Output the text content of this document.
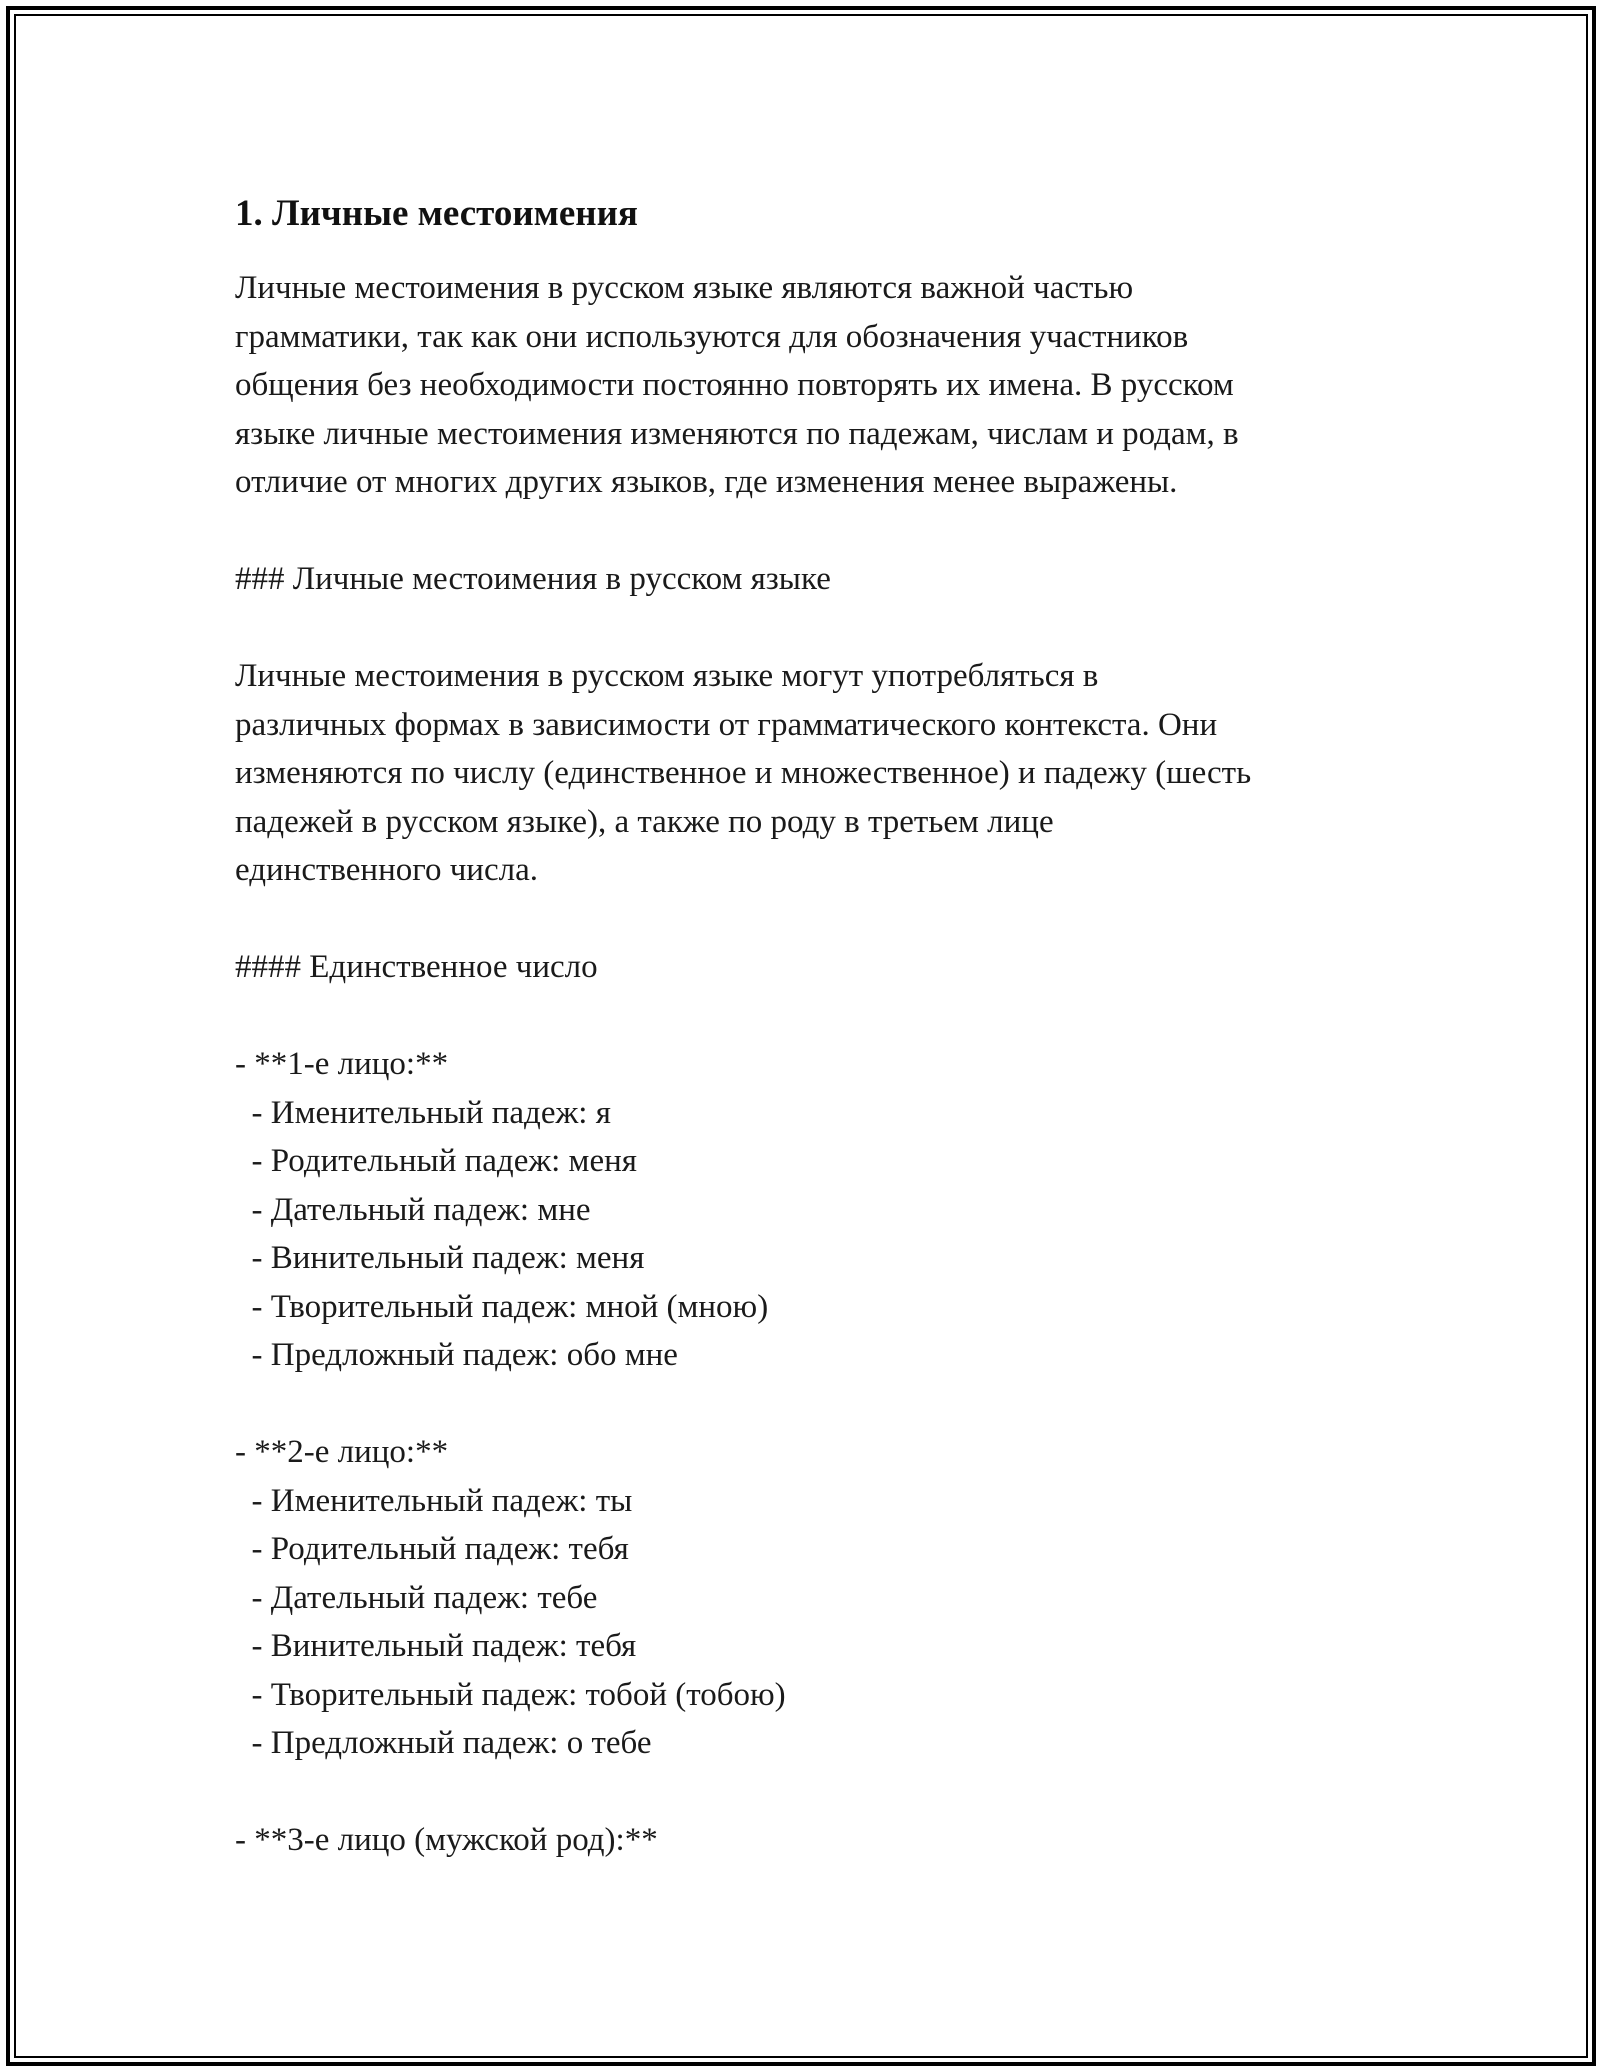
1. Личные местоимения

Личные местоимения в русском языке являются важной частью
грамматики, так как они используются для обозначения участников
общения без необходимости постоянно повторять их имена. В русском
языке личные местоимения изменяются по падежам, числам и родам, в
отличие от многих других языков, где изменения менее выражены.

### Личные местоимения в русском языке

Личные местоимения в русском языке могут употребляться в
различных формах в зависимости от грамматического контекста. Они
изменяются по числу (единственное и множественное) и падежу (шесть
падежей в русском языке), а также по роду в третьем лице
единственного числа.

#### Единственное число

- **1-е лицо:**
- Именительный падеж: я
- Родительный падеж: меня
- Дательный падеж: мне
- Винительный падеж: меня
- Творительный падеж: мной (мною)
- Предложный падеж: обо мне

- **2-е лицо:**
- Именительный падеж: ты
- Родительный падеж: тебя
- Дательный падеж: тебе
- Винительный падеж: тебя
- Творительный падеж: тобой (тобою)
- Предложный падеж: о тебе

- **3-е лицо (мужской род):**
